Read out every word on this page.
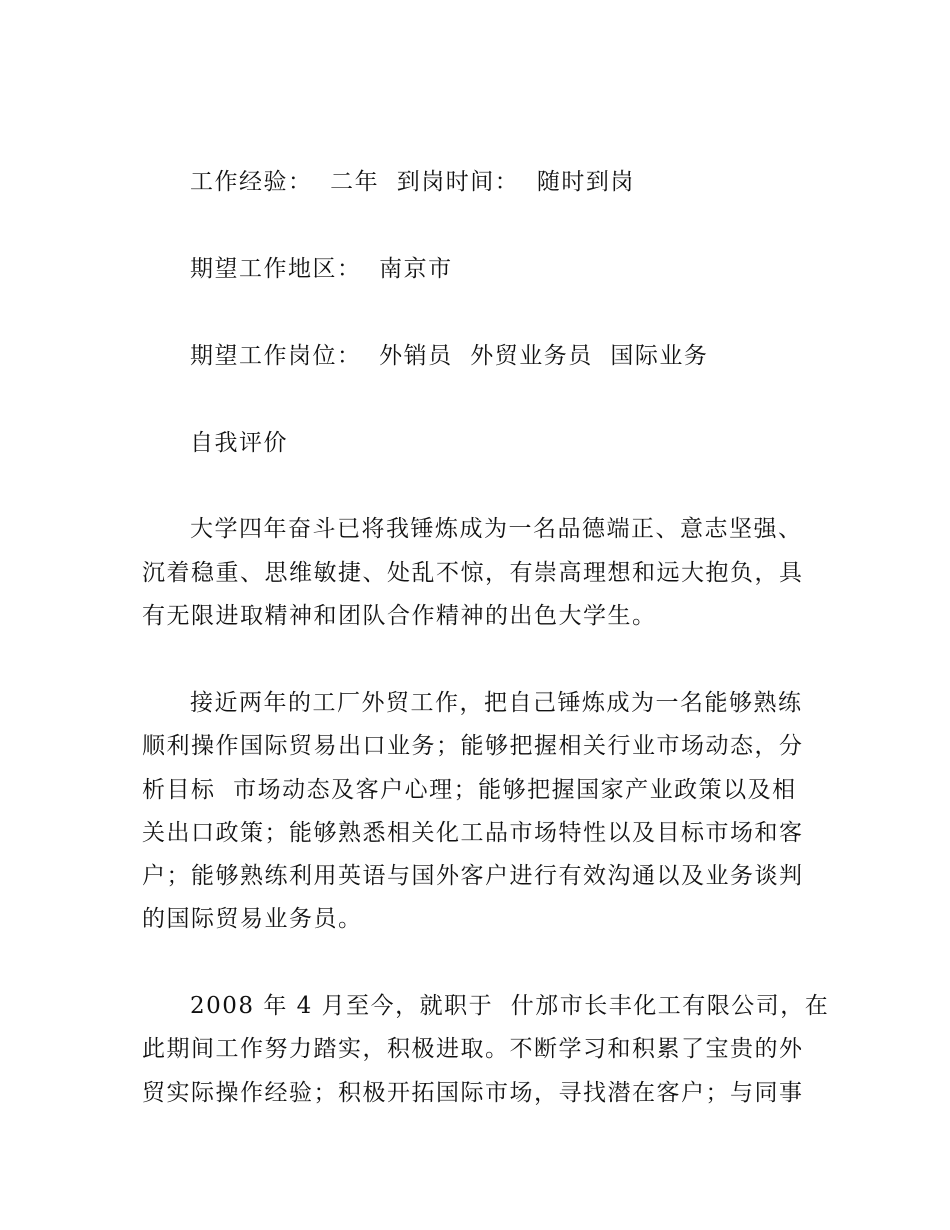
工作经验：  二年  到岗时间：  随时到岗
期望工作地区：  南京市
期望工作岗位：  外销员  外贸业务员  国际业务
自我评价
大学四年奋斗已将我锤炼成为一名品德端正、意志坚强、
沉着稳重、思维敏捷、处乱不惊，有崇高理想和远大抱负，具
有无限进取精神和团队合作精神的出色大学生。
接近两年的工厂外贸工作，把自己锤炼成为一名能够熟练
顺利操作国际贸易出口业务；能够把握相关行业市场动态，分
析目标  市场动态及客户心理；能够把握国家产业政策以及相
关出口政策；能够熟悉相关化工品市场特性以及目标市场和客
户；能够熟练利用英语与国外客户进行有效沟通以及业务谈判
的国际贸易业务员。
2008 年 4 月至今，就职于  什邡市长丰化工有限公司，在
此期间工作努力踏实，积极进取。不断学习和积累了宝贵的外
贸实际操作经验；积极开拓国际市场，寻找潜在客户；与同事
